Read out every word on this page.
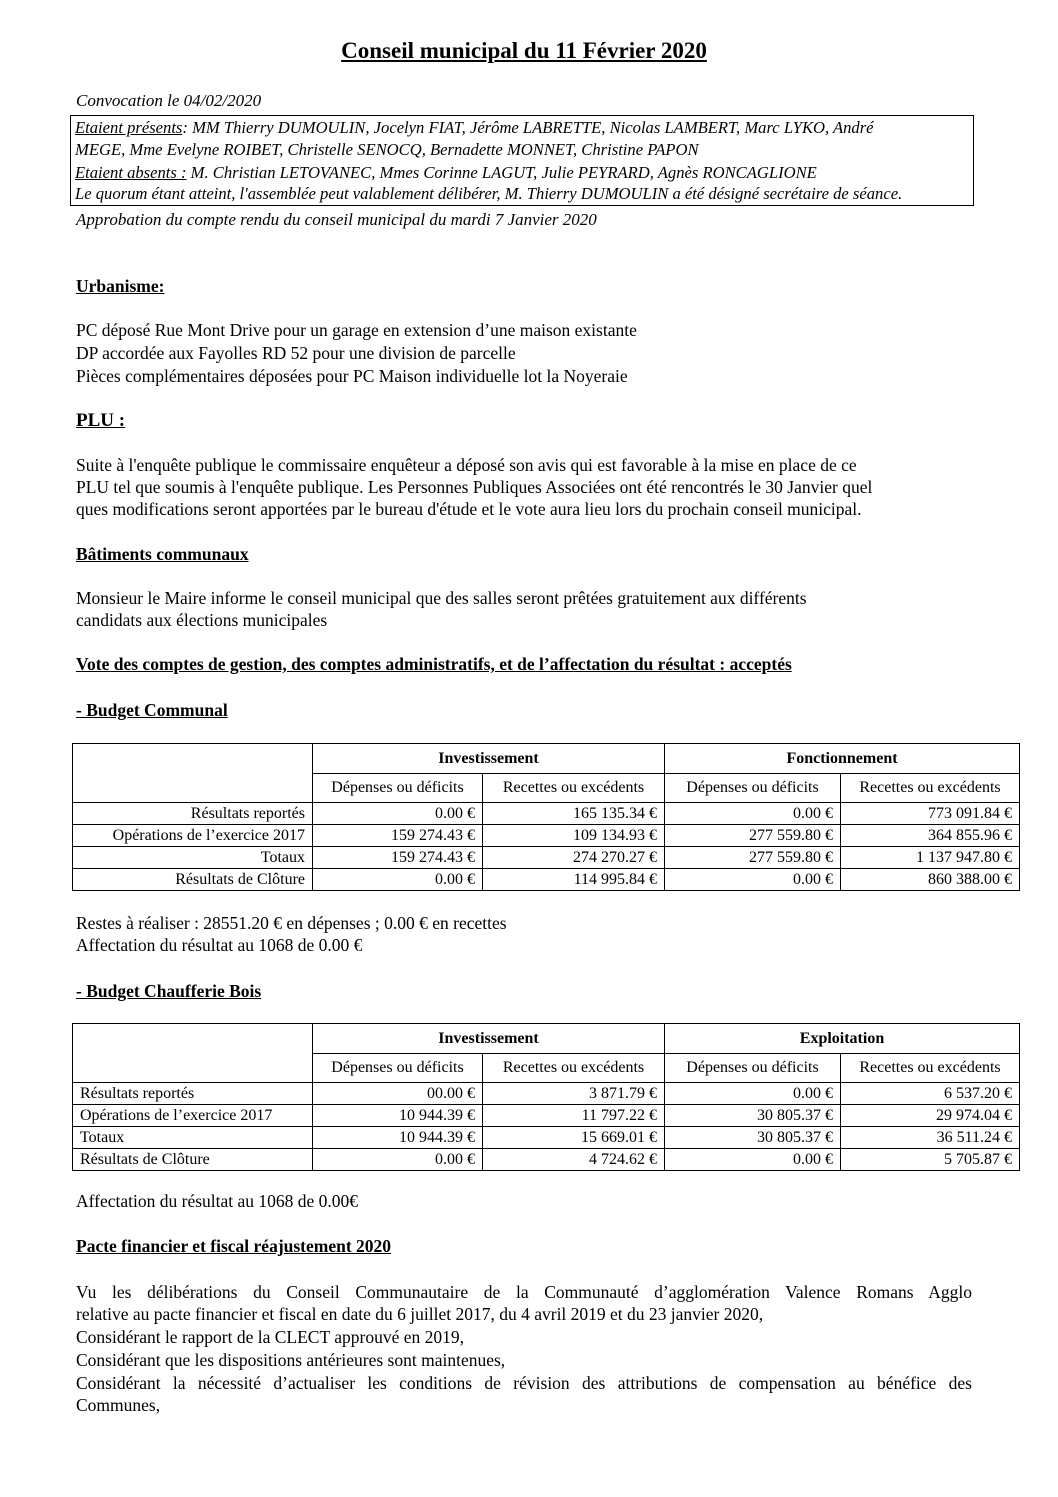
Conseil municipal du 11 Février 2020
Convocation le 04/02/2020
Etaient présents: MM Thierry DUMOULIN, Jocelyn FIAT, Jérôme LABRETTE, Nicolas LAMBERT, Marc LYKO, André
MEGE, Mme Evelyne ROIBET, Christelle SENOCQ, Bernadette MONNET, Christine PAPON
Etaient absents : M. Christian LETOVANEC, Mmes Corinne LAGUT, Julie PEYRARD, Agnès RONCAGLIONE
Le quorum étant atteint, l'assemblée peut valablement délibérer, M. Thierry DUMOULIN a été désigné secrétaire de séance.
Approbation du compte rendu du conseil municipal du mardi 7 Janvier 2020
Urbanisme:
PC déposé Rue Mont Drive pour un garage en extension d’une maison existante
DP accordée aux Fayolles RD 52 pour une division de parcelle
Pièces complémentaires déposées pour PC Maison individuelle lot la Noyeraie
PLU :
Suite à l'enquête publique le commissaire enquêteur a déposé son avis qui est favorable à la mise en place de ce
PLU tel que soumis à l'enquête publique. Les Personnes Publiques Associées ont été rencontrés le 30 Janvier quel
ques modifications seront apportées par le bureau d'étude et le vote aura lieu lors du prochain conseil municipal.
Bâtiments communaux
Monsieur le Maire informe le conseil municipal que des salles seront prêtées gratuitement aux différents
candidats aux élections municipales
Vote des comptes de gestion, des comptes administratifs, et de l’affectation du résultat : acceptés
- Budget Communal
	Investissement		Fonctionnement	
	Dépenses ou déficits	Recettes ou excédents	Dépenses ou déficits	Recettes ou excédents
Résultats reportés	0.00 €	165 135.34 €	0.00 €	773 091.84 €
Opérations de l’exercice 2017	159 274.43 €	109 134.93 €	277 559.80 €	364 855.96 €
Totaux	159 274.43 €	274 270.27 €	277 559.80 €	1 137 947.80 €
Résultats de Clôture	0.00 €	114 995.84 €	0.00 €	860 388.00 €
Restes à réaliser : 28551.20 € en dépenses ; 0.00 € en recettes
Affectation du résultat au 1068 de 0.00 €
- Budget Chaufferie Bois
	Investissement		Exploitation	
	Dépenses ou déficits	Recettes ou excédents	Dépenses ou déficits	Recettes ou excédents
Résultats reportés	00.00 €	3 871.79 €	0.00 €	6 537.20 €
Opérations de l’exercice 2017	10 944.39 €	11 797.22 €	30 805.37 €	29 974.04 €
Totaux	10 944.39 €	15 669.01 €	30 805.37 €	36 511.24 €
Résultats de Clôture	0.00 €	4 724.62 €	0.00 €	5 705.87 €
Affectation du résultat au 1068 de 0.00€
Pacte financier et fiscal réajustement 2020
Vu les délibérations du Conseil Communautaire de la Communauté d’agglomération Valence Romans Agglo
relative au pacte financier et fiscal en date du 6 juillet 2017, du 4 avril 2019 et du 23 janvier 2020,
Considérant le rapport de la CLECT approuvé en 2019,
Considérant que les dispositions antérieures sont maintenues,
Considérant la nécessité d’actualiser les conditions de révision des attributions de compensation au bénéfice des
Communes,
